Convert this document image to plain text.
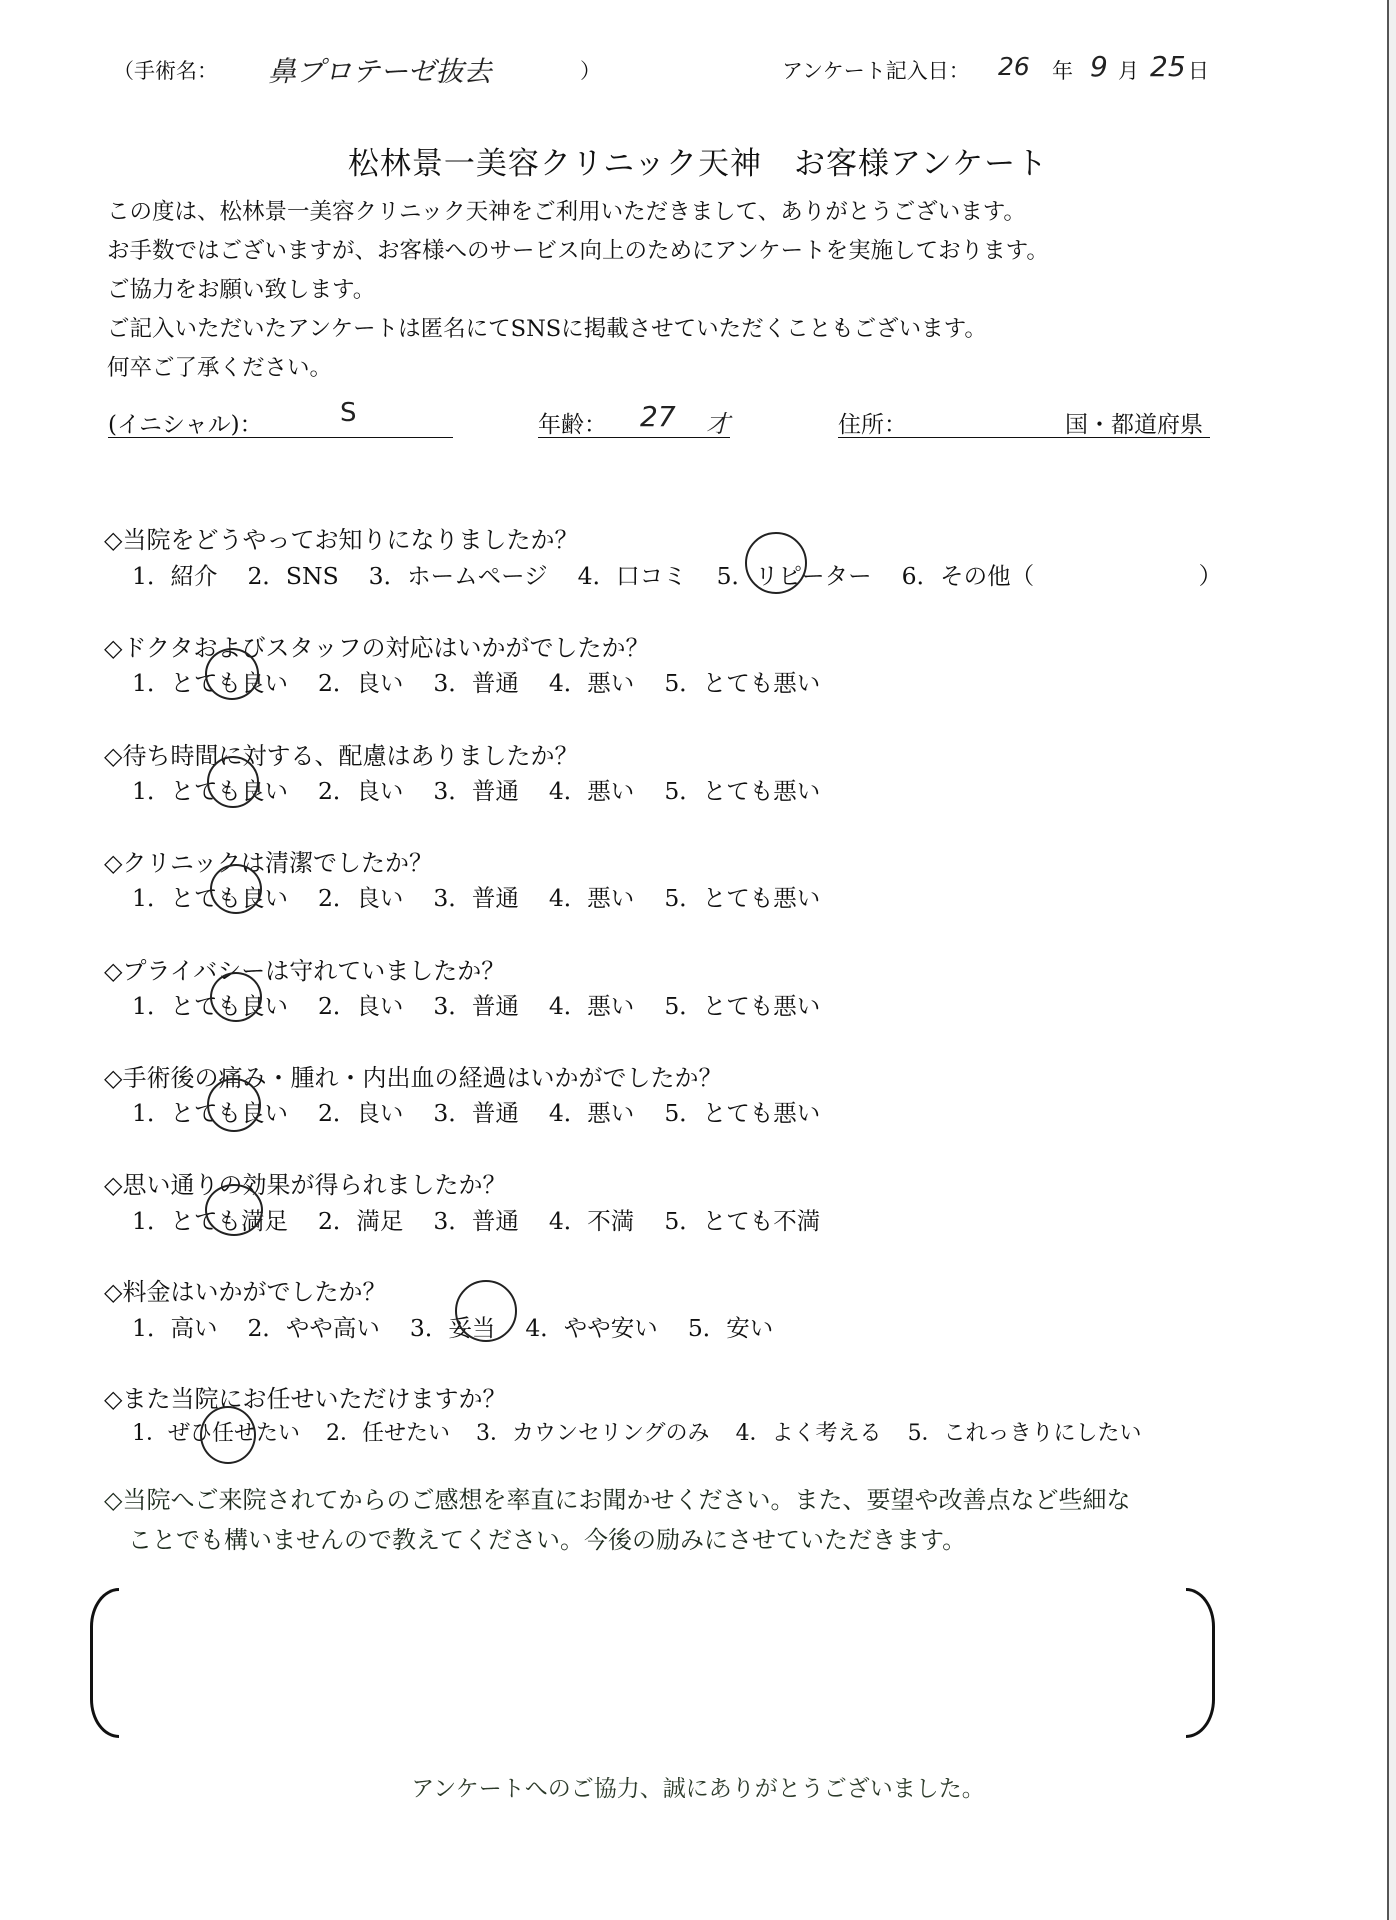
（手術名： 鼻プロテーゼ抜去	）	アンケート記入日： 26 年 9 月 25 日
松林景一美容クリニック天神　お客様アンケート
この度は、松林景一美容クリニック天神をご利用いただきまして、ありがとうございます。
お手数ではございますが、お客様へのサービス向上のためにアンケートを実施しております。
ご協力をお願い致します。
ご記入いただいたアンケートは匿名にてSNSに掲載させていただくこともございます。
何卒ご了承ください。
(イニシャル)：	S	年齢： 27 才	住所：	国・都道府県
◇当院をどうやってお知りになりましたか？
1．紹介 2．SNS 3．ホームページ 4．口コミ 5．リピーター 6．その他（　　　　　　　）
◇ドクタおよびスタッフの対応はいかがでしたか？
1．とても良い 2．良い 3．普通 4．悪い 5．とても悪い
◇待ち時間に対する、配慮はありましたか？
1．とても良い 2．良い 3．普通 4．悪い 5．とても悪い
◇クリニックは清潔でしたか？
1．とても良い 2．良い 3．普通 4．悪い 5．とても悪い
◇プライバシーは守れていましたか？
1．とても良い 2．良い 3．普通 4．悪い 5．とても悪い
◇手術後の痛み・腫れ・内出血の経過はいかがでしたか？
1．とても良い 2．良い 3．普通 4．悪い 5．とても悪い
◇思い通りの効果が得られましたか？
1．とても満足 2．満足 3．普通 4．不満 5．とても不満
◇料金はいかがでしたか？
1．高い 2．やや高い 3．妥当 4．やや安い 5．安い
◇また当院にお任せいただけますか？
1．ぜひ任せたい 2．任せたい 3．カウンセリングのみ 4．よく考える 5．これっきりにしたい
◇当院へご来院されてからのご感想を率直にお聞かせください。また、要望や改善点など些細な
ことでも構いませんので教えてください。今後の励みにさせていただきます。
アンケートへのご協力、誠にありがとうございました。
